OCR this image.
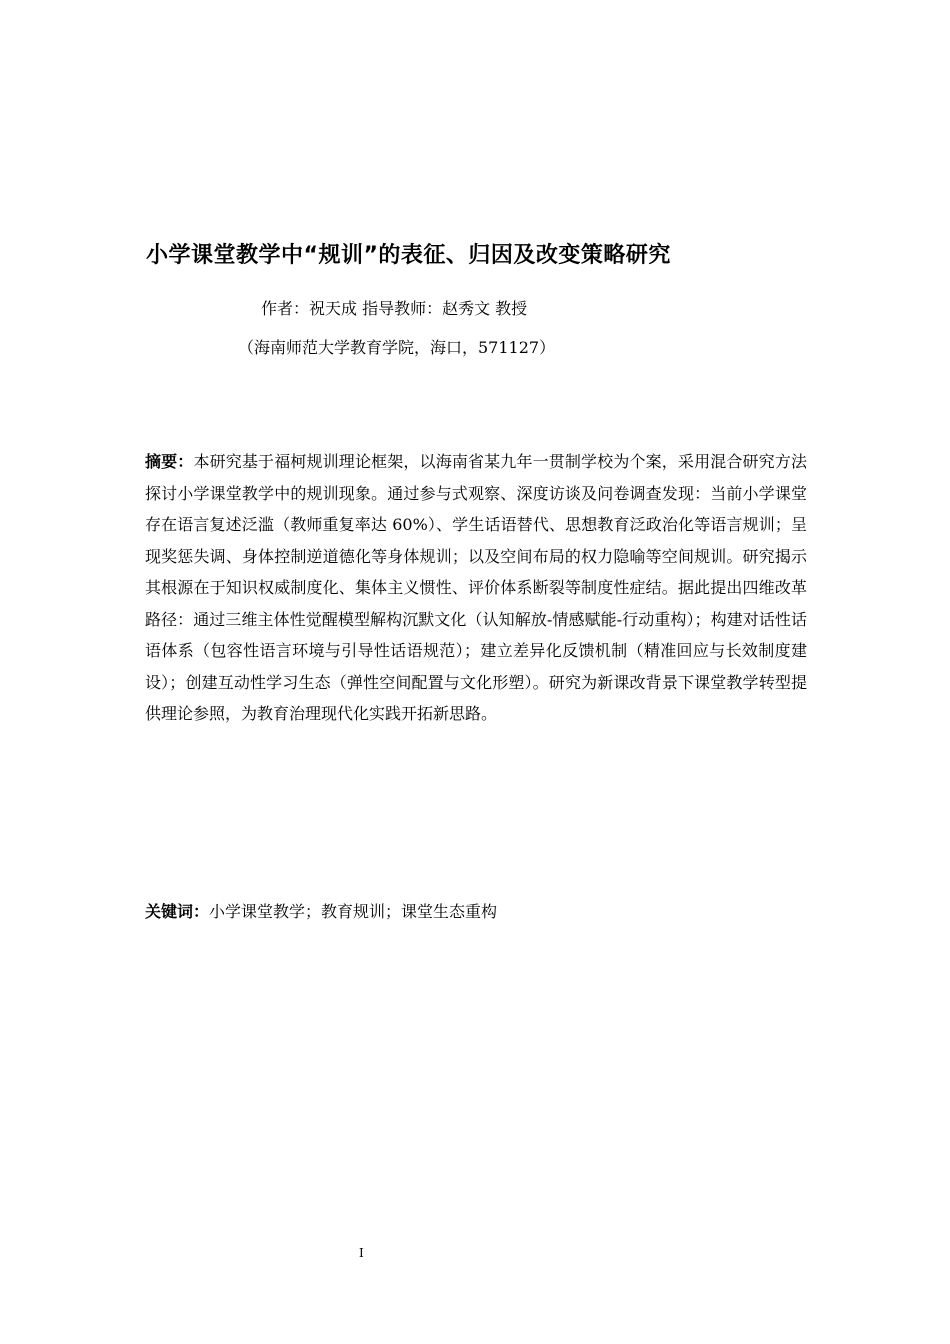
小学课堂教学中“规训”的表征、归因及改变策略研究
作者：祝天成 指导教师：赵秀文 教授
（海南师范大学教育学院，海口，571127）
摘要：本研究基于福柯规训理论框架，以海南省某九年一贯制学校为个案，采用混合研究方法探讨小学课堂教学中的规训现象。通过参与式观察、深度访谈及问卷调查发现：当前小学课堂存在语言复述泛滥（教师重复率达 60%）、学生话语替代、思想教育泛政治化等语言规训；呈现奖惩失调、身体控制逆道德化等身体规训；以及空间布局的权力隐喻等空间规训。研究揭示其根源在于知识权威制度化、集体主义惯性、评价体系断裂等制度性症结。据此提出四维改革路径：通过三维主体性觉醒模型解构沉默文化（认知解放-情感赋能-行动重构）；构建对话性话语体系（包容性语言环境与引导性话语规范）；建立差异化反馈机制（精准回应与长效制度建设）；创建互动性学习生态（弹性空间配置与文化形塑）。研究为新课改背景下课堂教学转型提供理论参照，为教育治理现代化实践开拓新思路。
关键词：小学课堂教学；教育规训；课堂生态重构
I
